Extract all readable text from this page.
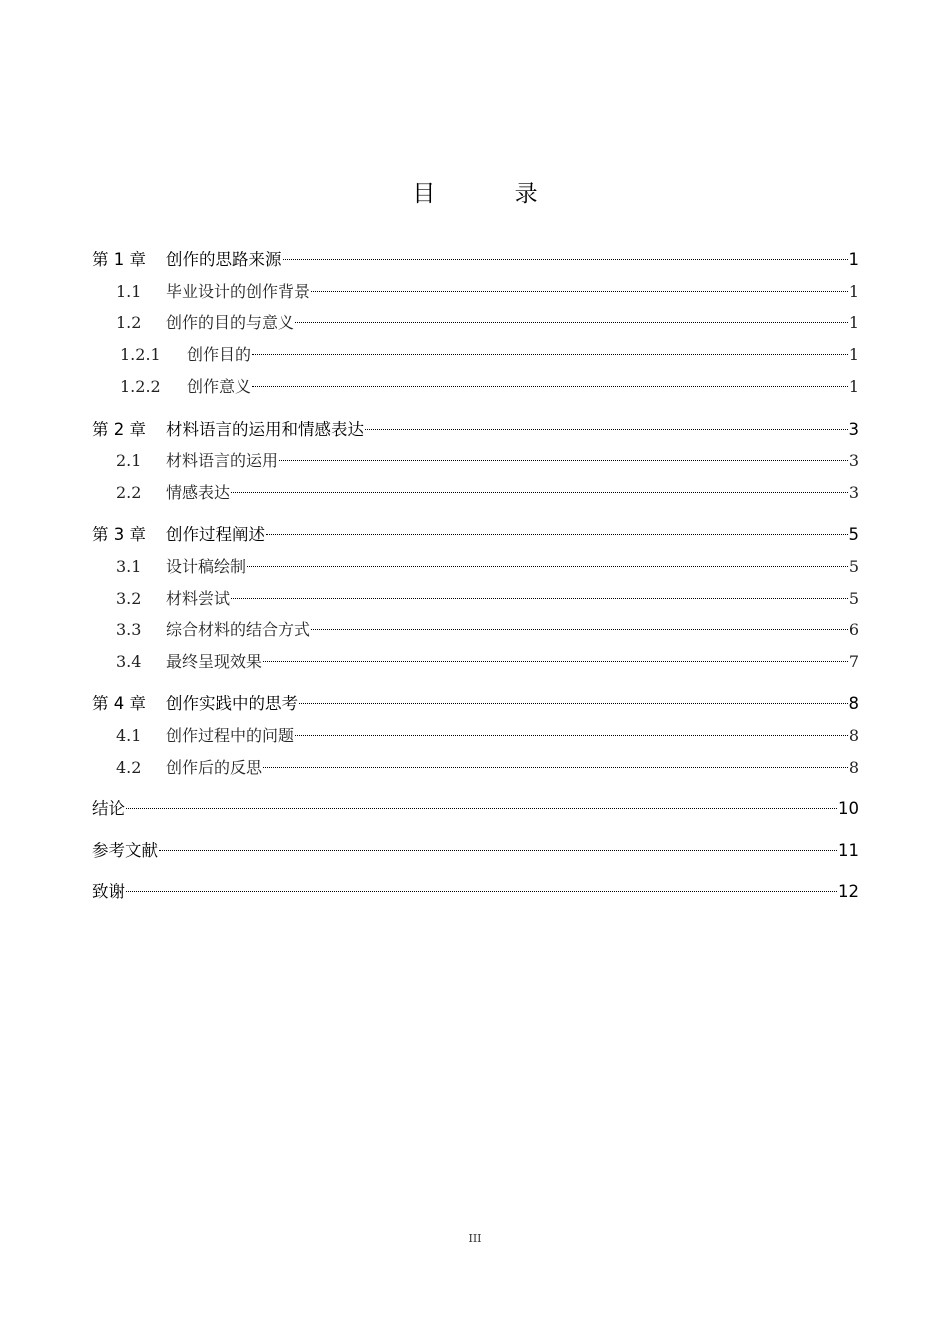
目 录
第 1 章 创作的思路来源	1
1.1 毕业设计的创作背景	1
1.2 创作的目的与意义	1
1.2.1 创作目的	1
1.2.2 创作意义	1
第 2 章 材料语言的运用和情感表达	3
2.1 材料语言的运用	3
2.2 情感表达	3
第 3 章 创作过程阐述	5
3.1 设计稿绘制	5
3.2 材料尝试	5
3.3 综合材料的结合方式	6
3.4 最终呈现效果	7
第 4 章 创作实践中的思考	8
4.1 创作过程中的问题	8
4.2 创作后的反思	8
结论	10
参考文献	11
致谢	12
III
